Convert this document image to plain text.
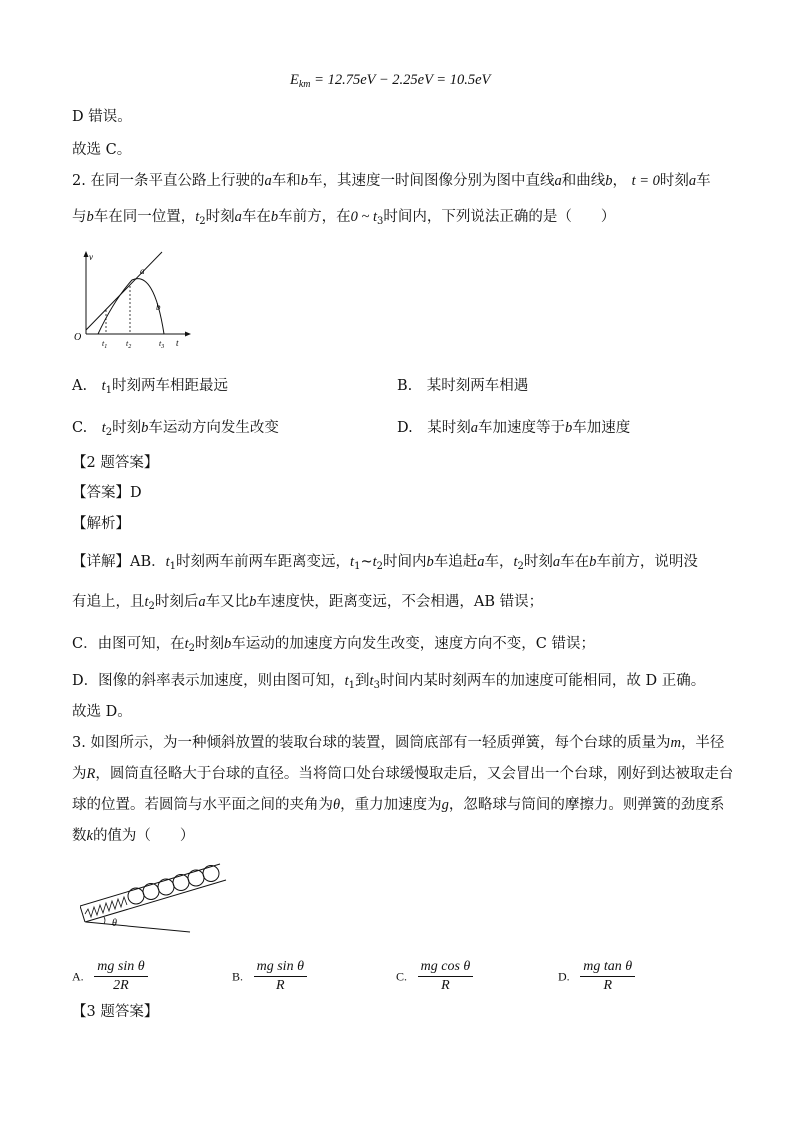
$E_{km} = 12.75eV - 2.25eV = 10.5eV$
D 错误。
故选 C。
2. 在同一条平直公路上行驶的a车和b车，其速度一时间图像分别为图中直线a和曲线b， t = 0时刻a车
与b车在同一位置，$t_2$时刻a车在b车前方，在0 ~ $t_3$时间内，下列说法正确的是（　　）
v
O
a
b
$t_1$ $t_2$	$t_3$ t
A.　 $t_1$时刻两车相距最远	B.　某时刻两车相遇
C.　 $t_2$时刻b车运动方向发生改变	D.　某时刻a车加速度等于b车加速度
【2 题答案】
【答案】D
【解析】
【详解】AB．$t_1$时刻两车前两车距离变远，$t_1\sim t_2$时间内b车追赶a车，$t_2$时刻a车在b车前方，说明没
有追上，且$t_2$时刻后a车又比b车速度快，距离变远，不会相遇，AB 错误；
C．由图可知，在$t_2$时刻b车运动的加速度方向发生改变，速度方向不变，C 错误；
D．图像的斜率表示加速度，则由图可知，$t_1$到$t_3$时间内某时刻两车的加速度可能相同，故 D 正确。
故选 D。
3. 如图所示，为一种倾斜放置的装取台球的装置，圆筒底部有一轻质弹簧，每个台球的质量为m，半径
为R，圆筒直径略大于台球的直径。当将筒口处台球缓慢取走后，又会冒出一个台球，刚好到达被取走台
球的位置。若圆筒与水平面之间的夹角为θ，重力加速度为g，忽略球与筒间的摩擦力。则弹簧的劲度系
数k的值为（　　）
θ
A. $\frac{\text{mg sin θ}}{2R}$	B. $\frac{\text{mg sin θ}}{R}$	C. $\frac{\text{mg cos θ}}{R}$	D. $\frac{\text{mg tan θ}}{R}$
【3 题答案】
